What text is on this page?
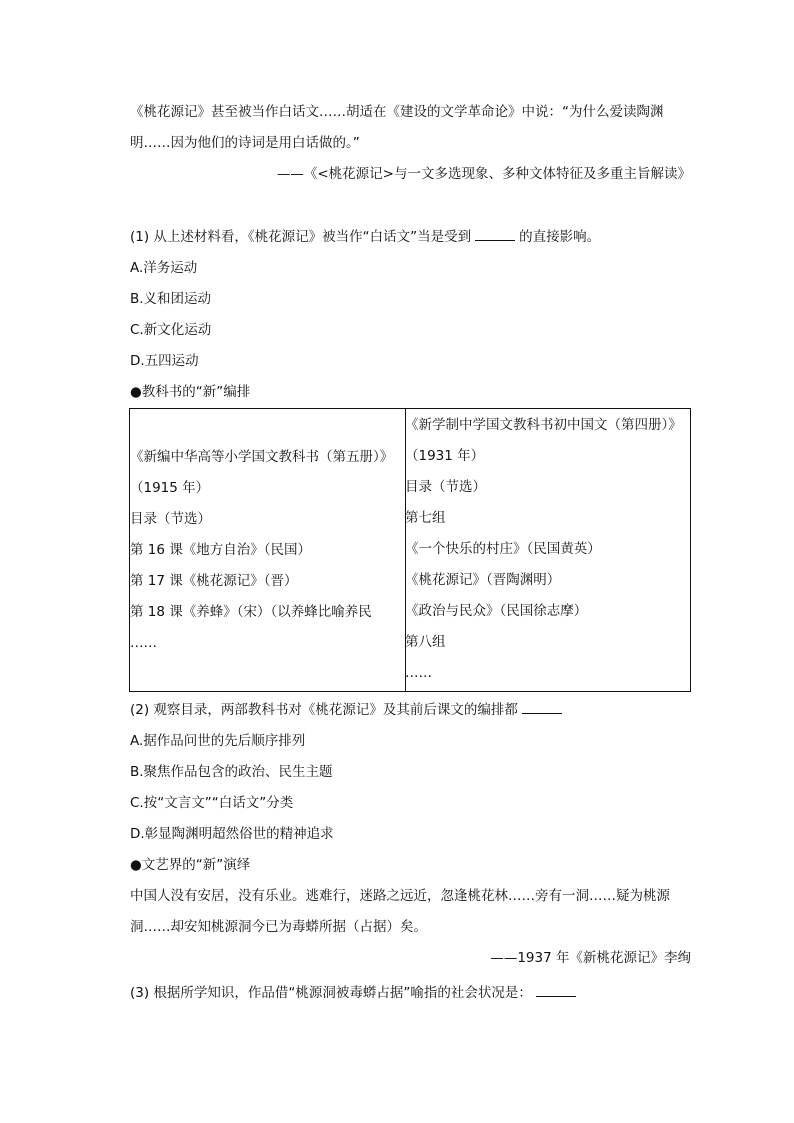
《桃花源记》甚至被当作白话文……胡适在《建设的文学革命论》中说：“为什么爱读陶渊
明……因为他们的诗词是用白话做的。”
——《<桃花源记>与一文多选现象、多种文体特征及多重主旨解读》
(1) 从上述材料看，《桃花源记》被当作“白话文”当是受到	的直接影响。
A.洋务运动
B.义和团运动
C.新文化运动
D.五四运动
●教科书的“新”编排
《新编中华高等小学国文教科书（第五册）》
（1915 年）
目录（节选）
第 16 课《地方自治》（民国）
第 17 课《桃花源记》（晋）
第 18 课《养蜂》（宋）（以养蜂比喻养民
……
《新学制中学国文教科书初中国文（第四册）》
（1931 年）
目录（节选）
第七组
《一个快乐的村庄》（民国黄英）
《桃花源记》（晋陶渊明）
《政治与民众》（民国徐志摩）
第八组
……
(2) 观察目录，两部教科书对《桃花源记》及其前后课文的编排都
A.据作品问世的先后顺序排列
B.聚焦作品包含的政治、民生主题
C.按“文言文”“白话文”分类
D.彰显陶渊明超然俗世的精神追求
●文艺界的“新”演绎
中国人没有安居，没有乐业。逃难行，迷路之远近，忽逢桃花林……旁有一洞……疑为桃源
洞……却安知桃源洞今已为毒蟒所据（占据）矣。
——1937 年《新桃花源记》李绚
(3) 根据所学知识，作品借“桃源洞被毒蟒占据”喻指的社会状况是：
